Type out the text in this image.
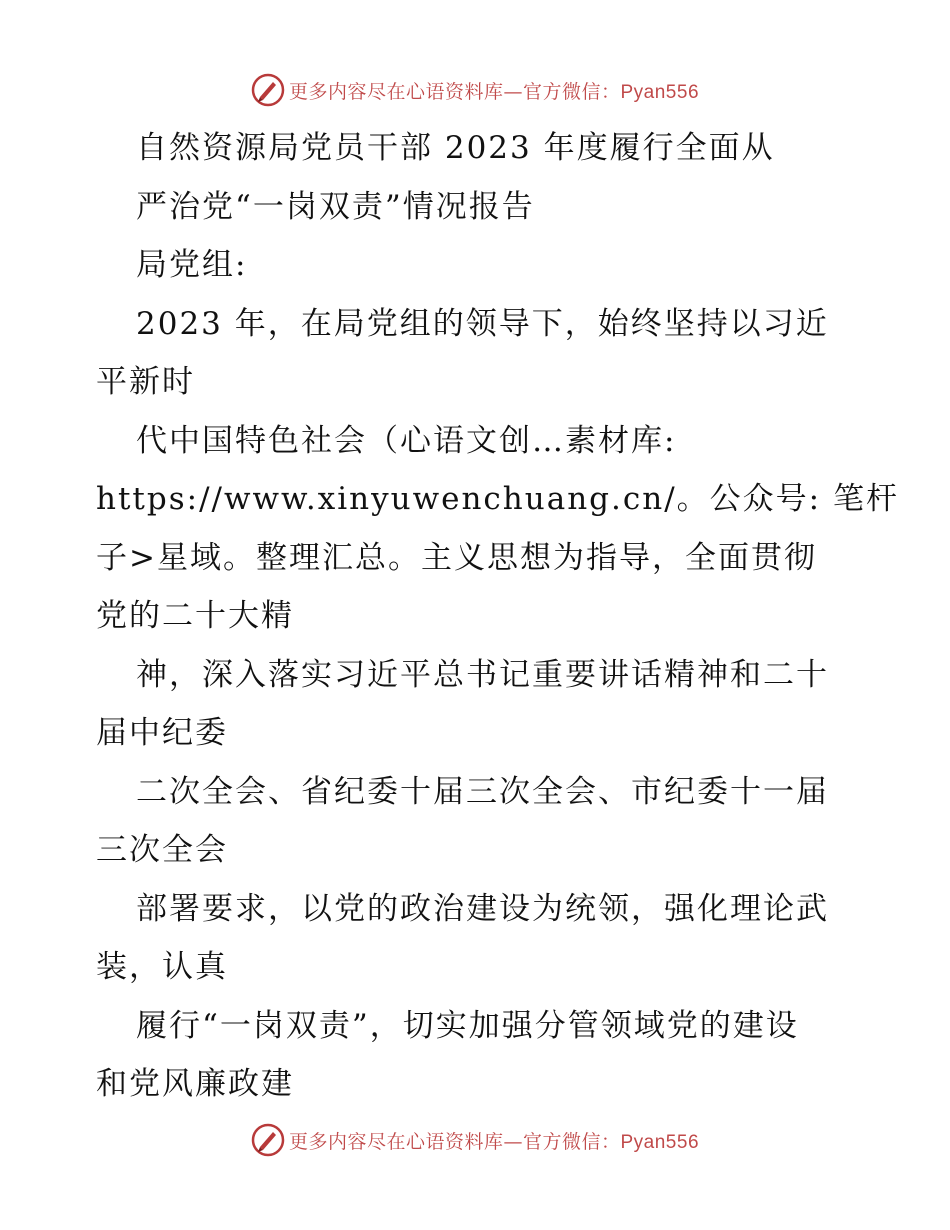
更多内容尽在心语资料库—官方微信：Pyan556
自然资源局党员干部 2023 年度履行全面从
严治党“一岗双责”情况报告
局党组:
2023 年，在局党组的领导下，始终坚持以习近
平新时
代中国特色社会（心语文创…素材库:
https://www.xinyuwenchuang.cn/。公众号: 笔杆
子>星域。整理汇总。主义思想为指导，全面贯彻
党的二十大精
神，深入落实习近平总书记重要讲话精神和二十
届中纪委
二次全会、省纪委十届三次全会、市纪委十一届
三次全会
部署要求，以党的政治建设为统领，强化理论武
装，认真
履行“一岗双责”，切实加强分管领域党的建设
和党风廉政建
更多内容尽在心语资料库—官方微信：Pyan556
